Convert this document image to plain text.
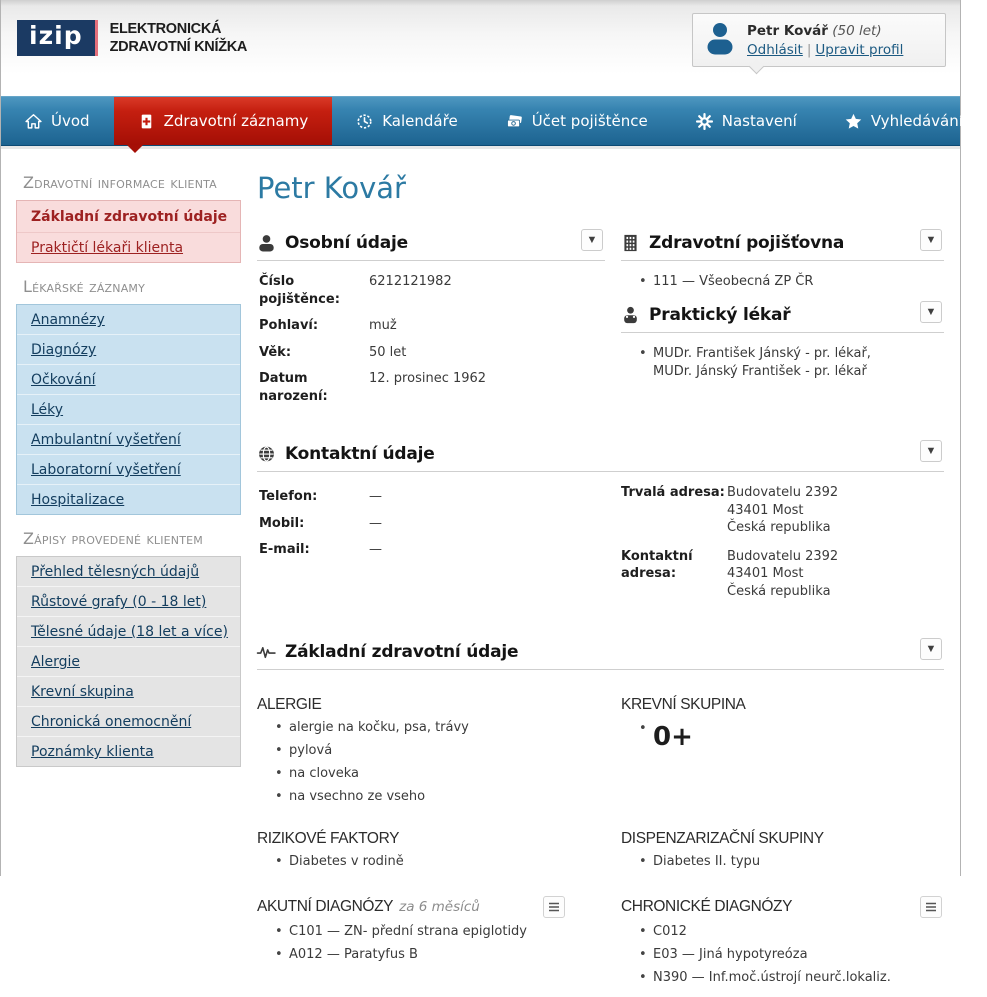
izip	ELEKTRONICKÁ
ZDRAVOTNÍ KNÍŽKA
Petr Kovář (50 let)
Odhlásit | Upravit profil
Úvod	Zdravotní záznamy	Kalendáře	Účet pojištěnce	Nastavení	Vyhledávání
Zdravotní informace klienta
Základní zdravotní údaje
Praktičtí lékaři klienta
Lékařské záznamy
Anamnézy
Diagnózy
Očkování
Léky
Ambulantní vyšetření
Laboratorní vyšetření
Hospitalizace
Zápisy provedené klientem
Přehled tělesných údajů
Růstové grafy (0 - 18 let)
Tělesné údaje (18 let a více)
Alergie
Krevní skupina
Chronická onemocnění
Poznámky klienta
Petr Kovář
Osobní údaje	▼
Číslo pojištěnce:
6212121982
Pohlaví:	muž
Věk:	50 let
Datum narození:
12. prosinec 1962
Zdravotní pojišťovna	▼
• 111 — Všeobecná ZP ČR
Praktický lékař	▼
• MUDr. František Jánský - pr. lékař,
MUDr. Jánský František - pr. lékař
Kontaktní údaje	▼
Telefon:	—
Mobil:	—
E-mail:	—
Trvalá adresa: Budovatelu 2392
43401 Most
Česká republika
Kontaktní adresa:
Budovatelu 2392
43401 Most
Česká republika
Základní zdravotní údaje	▼
ALERGIE
• alergie na kočku, psa, trávy
• pylová
• na cloveka
• na vsechno ze vseho
KREVNÍ SKUPINA
• 0+
RIZIKOVÉ FAKTORY
• Diabetes v rodině
DISPENZARIZAČNÍ SKUPINY
• Diabetes II. typu
AKUTNÍ DIAGNÓZY za 6 měsíců
• C101 — ZN- přední strana epiglotidy
• A012 — Paratyfus B
CHRONICKÉ DIAGNÓZY
• C012
• E03 — Jiná hypotyreóza
• N390 — Inf.moč.ústrojí neurč.lokaliz.
